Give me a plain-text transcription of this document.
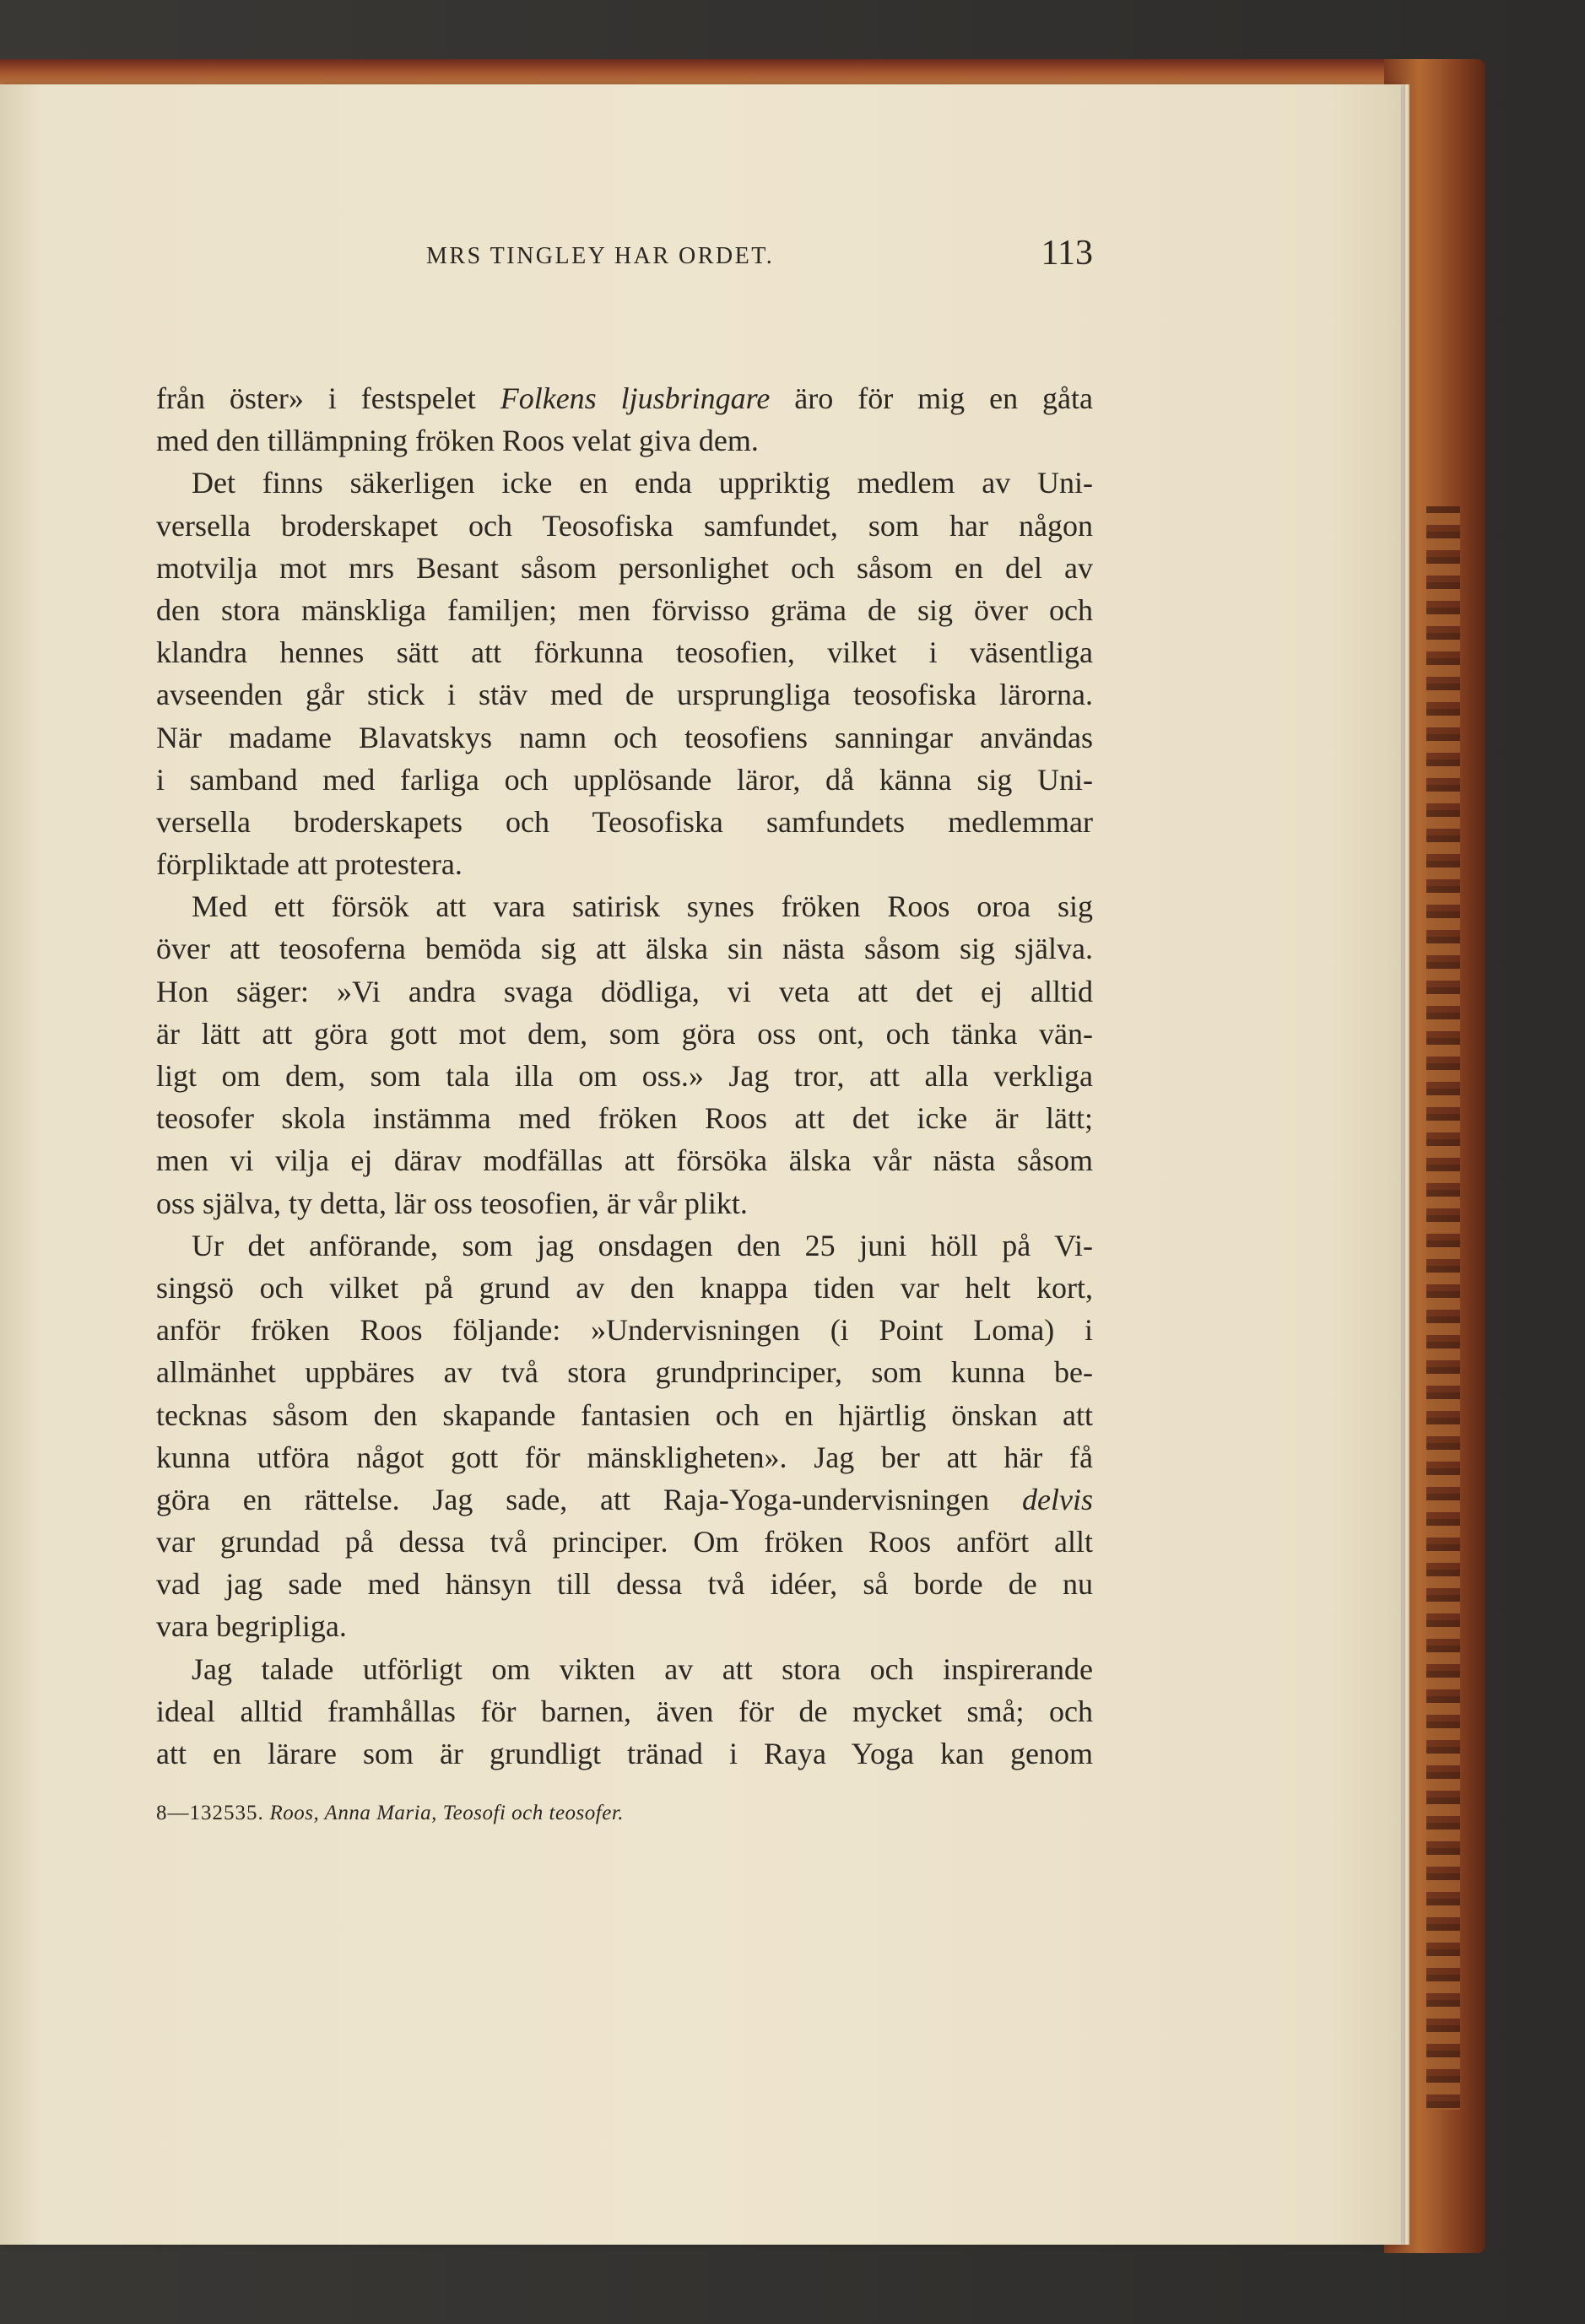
MRS TINGLEY HAR ORDET.	113
från öster» i festspelet Folkens ljusbringare äro för mig en gåta
med den tillämpning fröken Roos velat giva dem.
Det finns säkerligen icke en enda uppriktig medlem av Uni-
versella broderskapet och Teosofiska samfundet, som har någon
motvilja mot mrs Besant såsom personlighet och såsom en del av
den stora mänskliga familjen; men förvisso gräma de sig över och
klandra hennes sätt att förkunna teosofien, vilket i väsentliga
avseenden går stick i stäv med de ursprungliga teosofiska lärorna.
När madame Blavatskys namn och teosofiens sanningar användas
i samband med farliga och upplösande läror, då känna sig Uni-
versella broderskapets och Teosofiska samfundets medlemmar
förpliktade att protestera.
Med ett försök att vara satirisk synes fröken Roos oroa sig
över att teosoferna bemöda sig att älska sin nästa såsom sig själva.
Hon säger: »Vi andra svaga dödliga, vi veta att det ej alltid
är lätt att göra gott mot dem, som göra oss ont, och tänka vän-
ligt om dem, som tala illa om oss.» Jag tror, att alla verkliga
teosofer skola instämma med fröken Roos att det icke är lätt;
men vi vilja ej därav modfällas att försöka älska vår nästa såsom
oss själva, ty detta, lär oss teosofien, är vår plikt.
Ur det anförande, som jag onsdagen den 25 juni höll på Vi-
singsö och vilket på grund av den knappa tiden var helt kort,
anför fröken Roos följande: »Undervisningen (i Point Loma) i
allmänhet uppbäres av två stora grundprinciper, som kunna be-
tecknas såsom den skapande fantasien och en hjärtlig önskan att
kunna utföra något gott för mänskligheten». Jag ber att här få
göra en rättelse. Jag sade, att Raja-Yoga-undervisningen delvis
var grundad på dessa två principer. Om fröken Roos anfört allt
vad jag sade med hänsyn till dessa två idéer, så borde de nu
vara begripliga.
Jag talade utförligt om vikten av att stora och inspirerande
ideal alltid framhållas för barnen, även för de mycket små; och
att en lärare som är grundligt tränad i Raya Yoga kan genom
8—132535. Roos, Anna Maria, Teosofi och teosofer.
